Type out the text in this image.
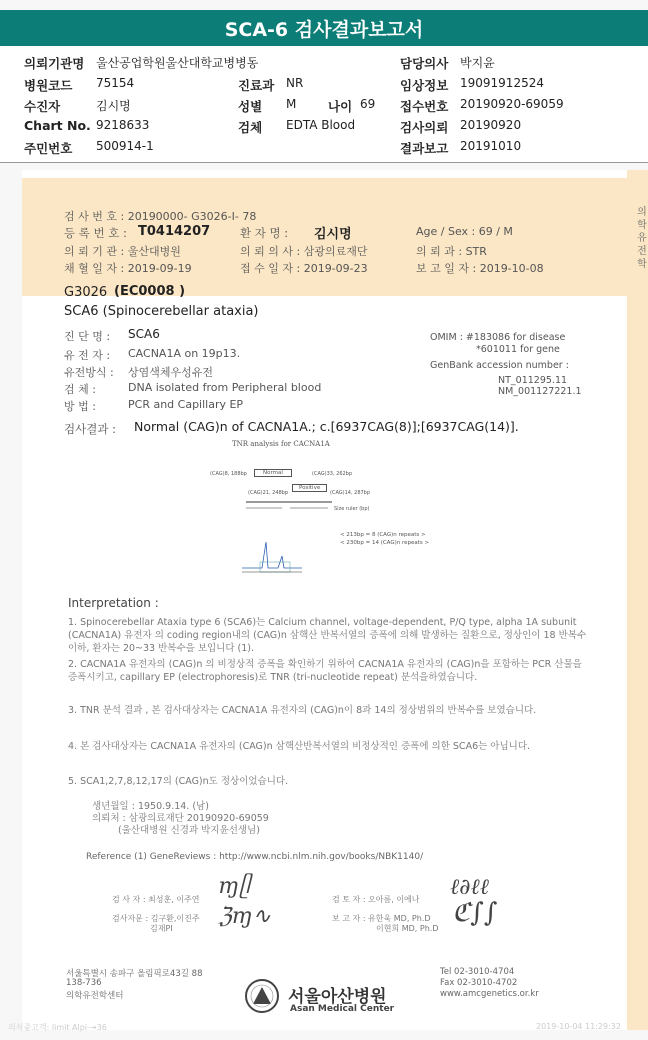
SCA-6 검사결과보고서
의뢰기관명 울산공업학원울산대학교병병동	담당의사 박지윤
병원코드 75154	진료과 NR	임상정보 19091912524
수진자	김시명	성별 M	나이 69 접수번호 20190920-69059
Chart No. 9218633	검체 EDTA Blood	검사의뢰 20190920
주민번호 500914-1	결과보고 20191010
의학유전학
검 사 번 호 : 20190000- G3026-I- 78
등 록 번 호 : T0414207	환 자 명 : 김시명	Age / Sex : 69 / M
의 뢰 기 관 : 울산대병원	의 뢰 의 사 : 삼광의료재단	의 뢰 과 : STR
채 혈 일 자 : 2019-09-19	접 수 일 자 : 2019-09-23	보 고 일 자 : 2019-10-08
G3026 (EC0008 )
SCA6 (Spinocerebellar ataxia)
진 단 명 : SCA6
유 전 자 : CACNA1A on 19p13.
유전방식 : 상염색체우성유전
검 체 :	DNA isolated from Peripheral blood
방 법 :	PCR and Capillary EP
OMIM : #183086 for disease
*601011 for gene
GenBank accession number :
NT_011295.11
NM_001127221.1
검사결과 : Normal (CAG)n of CACNA1A.; c.[6937CAG(8)];[6937CAG(14)].
TNR analysis for CACNA1A
(CAG)8, 188bp	Normal	(CAG)33, 262bp
(CAG)21, 248bp
Positive
(CAG)14, 287bp
Size ruler (bp)
< 213bp = 8 (CAG)n repeats >
< 230bp = 14 (CAG)n repeats >
Interpretation :
1. Spinocerebellar Ataxia type 6 (SCA6)는 Calcium channel, voltage-dependent, P/Q type, alpha 1A subunit (CACNA1A) 유전자 의 coding region내의 (CAG)n 삼핵산 반복서열의 증폭에 의해 발생하는 질환으로, 정상인이 18 반복수 이하, 환자는 20~33 반복수을 보입니다 (1).
2. CACNA1A 유전자의 (CAG)n 의 비정상적 증폭을 확인하기 위하여 CACNA1A 유전자의 (CAG)n을 포함하는 PCR 산물을 증폭시키고, capillary EP (electrophoresis)로 TNR (tri-nucleotide repeat) 분석을하였습니다.
3. TNR 분석 결과 , 본 검사대상자는 CACNA1A 유전자의 (CAG)n이 8과 14의 정상범위의 반복수를 보였습니다.
4. 본 검사대상자는 CACNA1A 유전자의 (CAG)n 삼핵산반복서열의 비정상적인 증폭에 의한 SCA6는 아닙니다.
5. SCA1,2,7,8,12,17의 (CAG)n도 정상이었습니다.
생년월일 : 1950.9.14. (남)
의뢰처 : 삼광의료재단 20190920-69059
(울산대병원 신경과 박지윤선생님)
Reference (1) GeneReviews : http://www.ncbi.nlm.nih.gov/books/NBK1140/
검 사 자 : 최성훈, 이주연
ɱᥫ
검 토 자 : 오아름, 이에나 ℓ∂ℓℓ
검사자문 : 김구환,이진주
김재PI ℨɱ∿	보 고 자 : 유한욱 MD, Ph.D
이현희 MD, Ph.D
ℭ∫∫
서울특별시 송파구 올림픽로43길 88
138-736
의학유전학센터	서울아산병원
Asan Medical Center
Tel 02-3010-4704
Fax 02-3010-4702
www.amcgenetics.or.kr
의식중고객: limit Alpi-→36	2019-10-04 11:29:32
